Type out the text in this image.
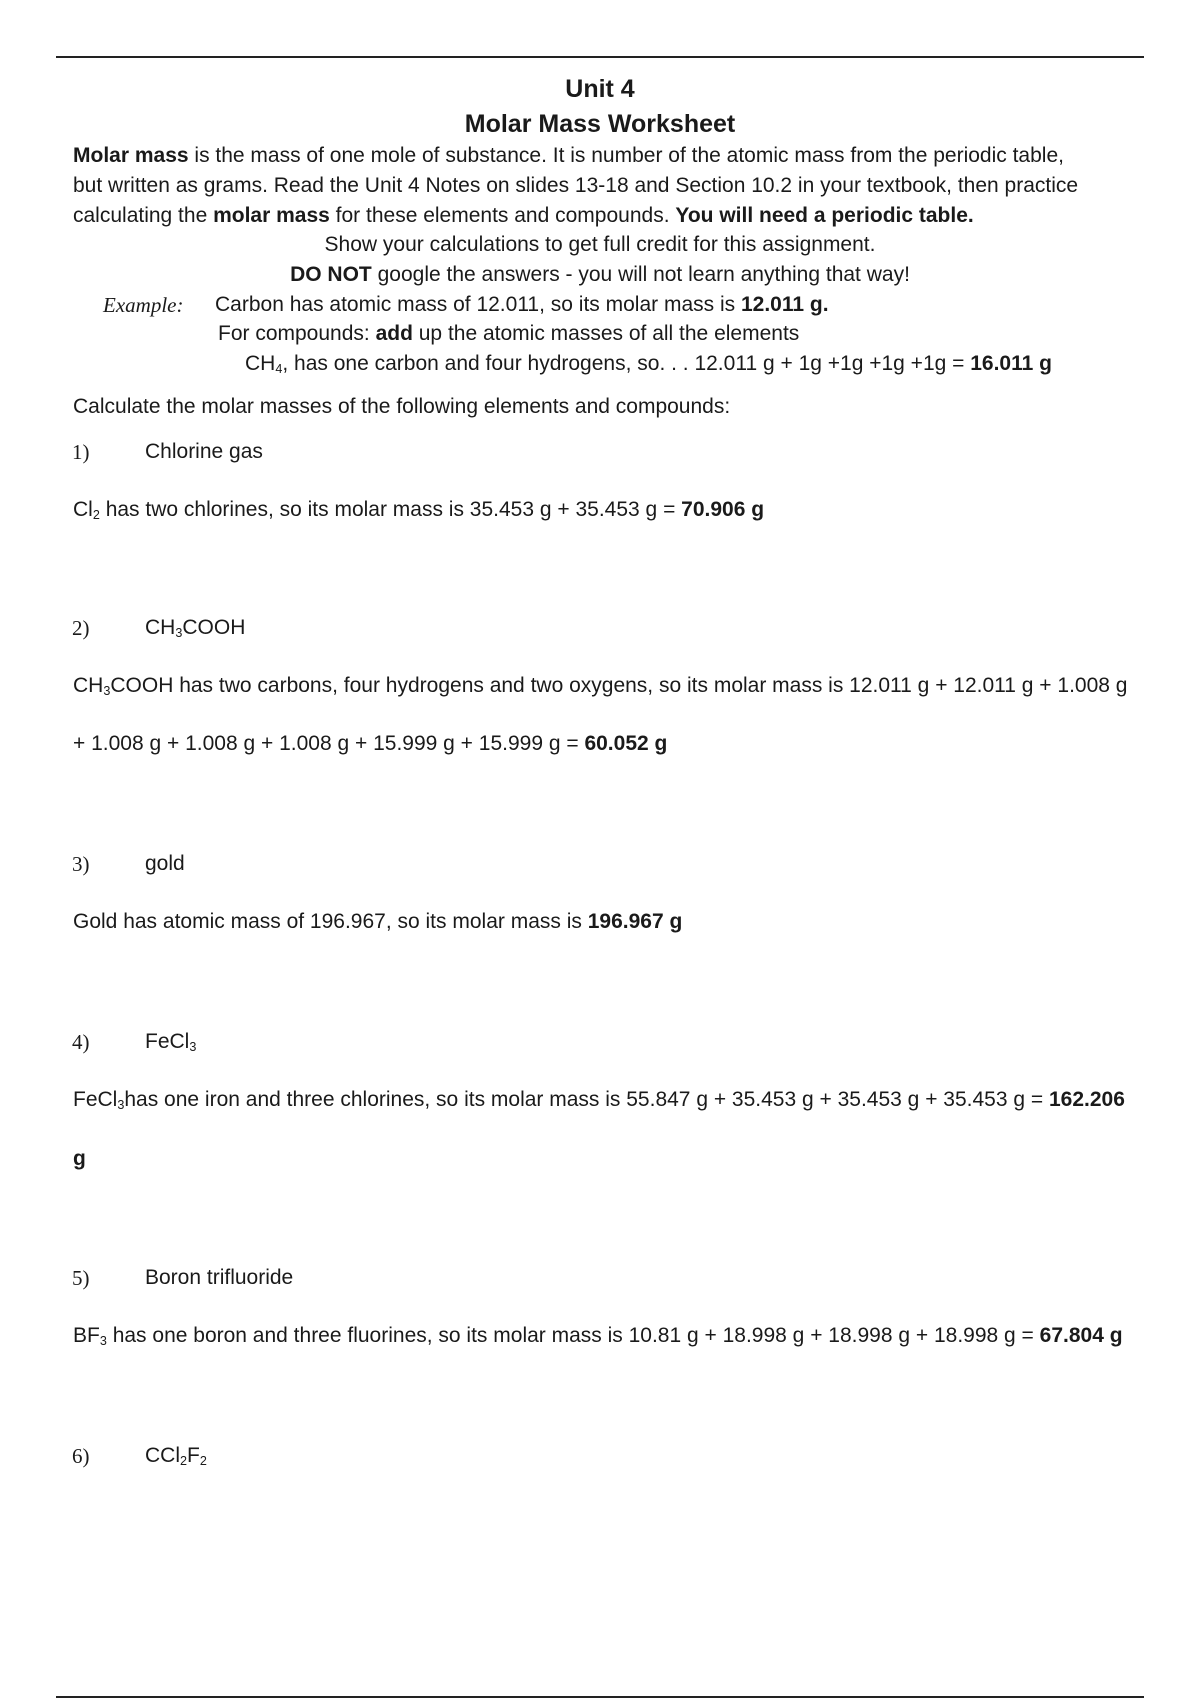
Unit 4
Molar Mass Worksheet
Molar mass is the mass of one mole of substance. It is number of the atomic mass from the periodic table,
but written as grams. Read the Unit 4 Notes on slides 13-18 and Section 10.2 in your textbook, then practice
calculating the molar mass for these elements and compounds. You will need a periodic table.
Show your calculations to get full credit for this assignment.
DO NOT google the answers - you will not learn anything that way!
Example: Carbon has atomic mass of 12.011, so its molar mass is 12.011 g.
For compounds: add up the atomic masses of all the elements
$CH_4$, has one carbon and four hydrogens, so. . . 12.011 g + 1g +1g +1g +1g = 16.011 g
Calculate the molar masses of the following elements and compounds:
1)	Chlorine gas
$Cl_2$ has two chlorines, so its molar mass is 35.453 g + 35.453 g = 70.906 g
2)	$CH_3COOH$
$CH_3COOH$ has two carbons, four hydrogens and two oxygens, so its molar mass is 12.011 g + 12.011 g + 1.008 g
+ 1.008 g + 1.008 g + 1.008 g + 15.999 g + 15.999 g = 60.052 g
3)	gold
Gold has atomic mass of 196.967, so its molar mass is 196.967 g
4)	FeCl$_3$
FeCl$_3$has one iron and three chlorines, so its molar mass is 55.847 g + 35.453 g + 35.453 g + 35.453 g = 162.206
g
5)	Boron trifluoride
$BF_3$ has one boron and three fluorines, so its molar mass is 10.81 g + 18.998 g + 18.998 g + 18.998 g = 67.804 g
6)	$CCl_2F_2$
